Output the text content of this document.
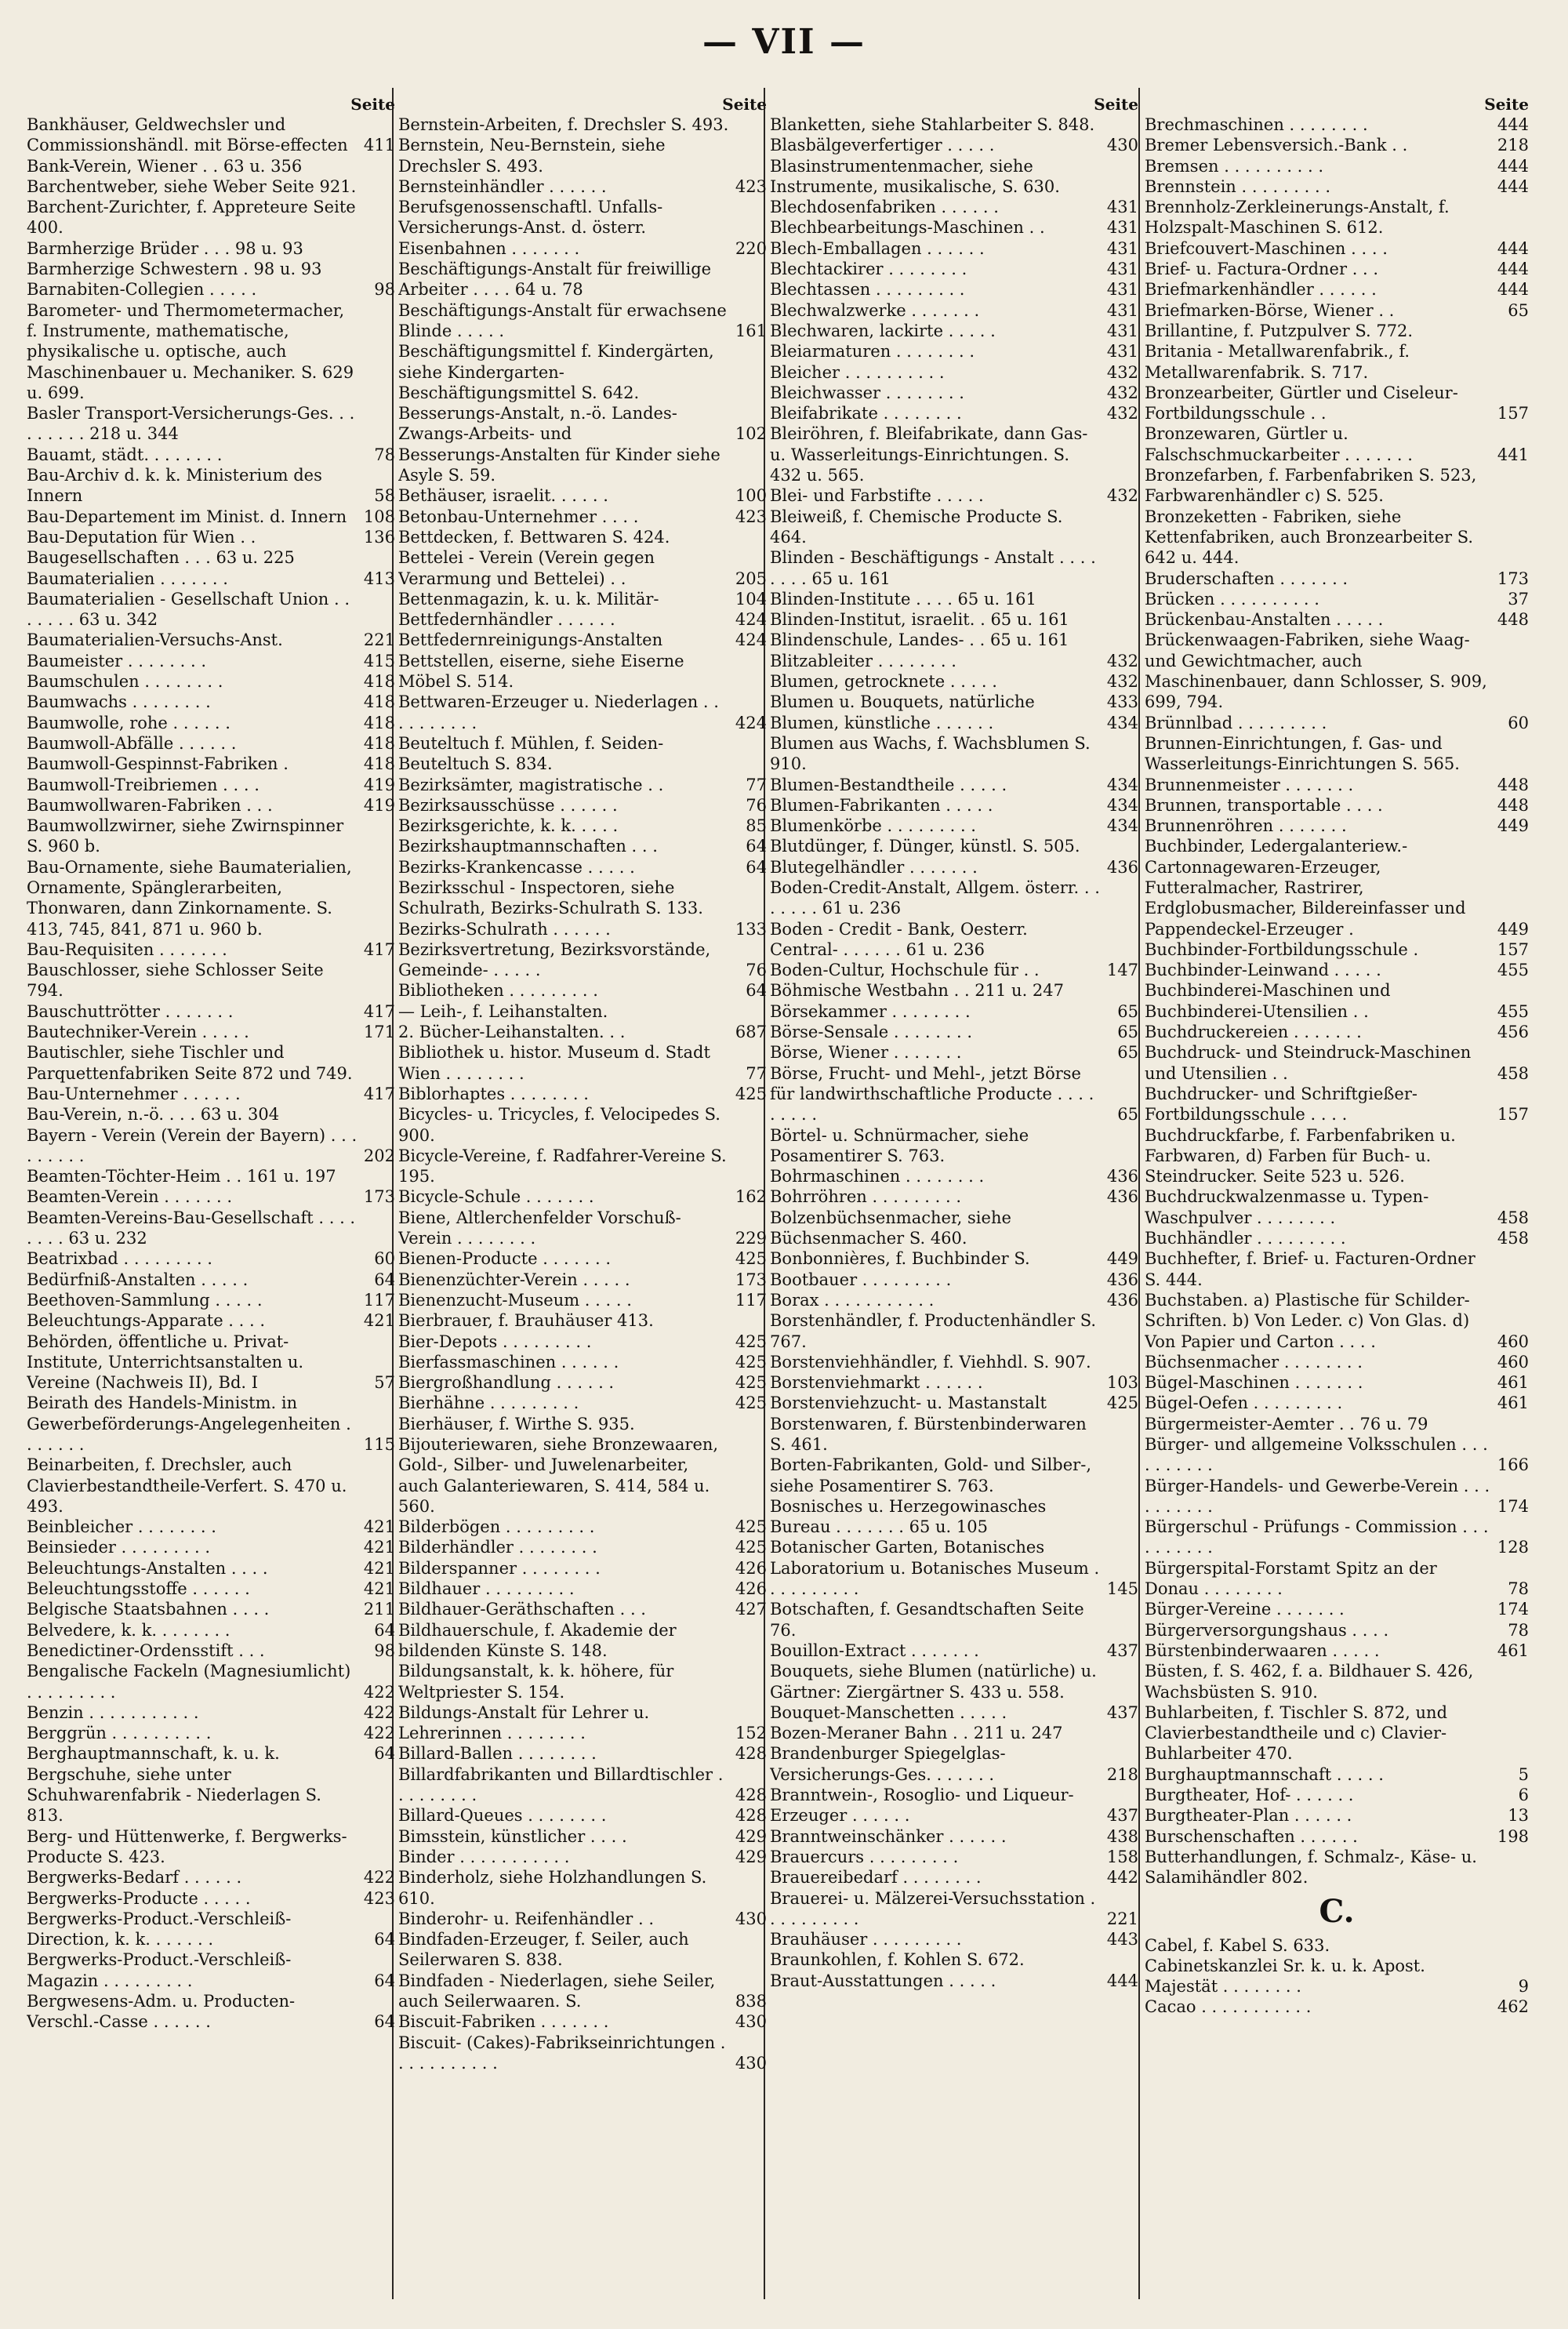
— VII —
Seite
Bankhäuser, Geldwechsler und Commissionshändl. mit Börse-effecten 411
Bank-Verein, Wiener . . 63 u. 356
Barchentweber, siehe Weber Seite 921.
Barchent-Zurichter, f. Appreteure Seite 400.
Barmherzige Brüder . . . 98 u. 93
Barmherzige Schwestern . 98 u. 93
Barnabiten-Collegien . . . . .	98
Barometer- und Thermometermacher, f. Instrumente, mathematische, physikalische u. optische, auch Maschinenbauer u. Mechaniker. S. 629 u. 699.
Basler Transport-Versicherungs-Ges. . . . . . . . . 218 u. 344
Bauamt, städt. . . . . . . .	78
Bau-Archiv d. k. k. Ministerium des Innern	58
Bau-Departement im Minist. d. Innern	108
Bau-Deputation für Wien . .	136
Baugesellschaften . . . 63 u. 225
Baumaterialien . . . . . . .	413
Baumaterialien - Gesellschaft Union . . . . . . . 63 u. 342
Baumaterialien-Versuchs-Anst.	221
Baumeister . . . . . . . .	415
Baumschulen . . . . . . . .	418
Baumwachs . . . . . . . .	418
Baumwolle, rohe . . . . . .	418
Baumwoll-Abfälle . . . . . .	418
Baumwoll-Gespinnst-Fabriken .	418
Baumwoll-Treibriemen . . . .	419
Baumwollwaren-Fabriken . . .	419
Baumwollzwirner, siehe Zwirnspinner S. 960 b.
Bau-Ornamente, siehe Baumaterialien, Ornamente, Spänglerarbeiten, Thonwaren, dann Zinkornamente. S. 413, 745, 841, 871 u. 960 b.
Bau-Requisiten . . . . . . .	417
Bauschlosser, siehe Schlosser Seite 794.
Bauschuttrötter . . . . . . .	417
Bautechniker-Verein . . . . .	171
Bautischler, siehe Tischler und Parquettenfabriken Seite 872 und 749.
Bau-Unternehmer . . . . . .	417
Bau-Verein, n.-ö. . . . 63 u. 304
Bayern - Verein (Verein der Bayern) . . . . . . . . .	202
Beamten-Töchter-Heim . . 161 u. 197
Beamten-Verein . . . . . . .	173
Beamten-Vereins-Bau-Gesellschaft . . . . . . . . 63 u. 232
Beatrixbad . . . . . . . . .	60
Bedürfniß-Anstalten . . . . .	64
Beethoven-Sammlung . . . . .	117
Beleuchtungs-Apparate . . . .	421
Behörden, öffentliche u. Privat-Institute, Unterrichtsanstalten u. Vereine (Nachweis II), Bd. I	57
Beirath des Handels-Ministm. in Gewerbeförderungs-Angelegenheiten . . . . . . .	115
Beinarbeiten, f. Drechsler, auch Clavierbestandtheile-Verfert. S. 470 u. 493.
Beinbleicher . . . . . . . .	421
Beinsieder . . . . . . . . .	421
Beleuchtungs-Anstalten . . . .	421
Beleuchtungsstoffe . . . . . .	421
Belgische Staatsbahnen . . . .	211
Belvedere, k. k. . . . . . . .	64
Benedictiner-Ordensstift . . .	98
Bengalische Fackeln (Magnesiumlicht) . . . . . . . . .	422
Benzin . . . . . . . . . . .	422
Berggrün . . . . . . . . . .	422
Berghauptmannschaft, k. u. k.	64
Bergschuhe, siehe unter Schuhwarenfabrik - Niederlagen S. 813.
Berg- und Hüttenwerke, f. Bergwerks-Producte S. 423.
Bergwerks-Bedarf . . . . . .	422
Bergwerks-Producte . . . . .	423
Bergwerks-Product.-Verschleiß-Direction, k. k. . . . . . .	64
Bergwerks-Product.-Verschleiß-Magazin . . . . . . . . .	64
Bergwesens-Adm. u. Producten-Verschl.-Casse . . . . . .	64
Seite
Bernstein-Arbeiten, f. Drechsler S. 493.
Bernstein, Neu-Bernstein, siehe Drechsler S. 493.
Bernsteinhändler . . . . . .	423
Berufsgenossenschaftl. Unfalls-Versicherungs-Anst. d. österr. Eisenbahnen . . . . . . .	220
Beschäftigungs-Anstalt für freiwillige Arbeiter . . . . 64 u. 78
Beschäftigungs-Anstalt für erwachsene Blinde . . . . .	161
Beschäftigungsmittel f. Kindergärten, siehe Kindergarten-Beschäftigungsmittel S. 642.
Besserungs-Anstalt, n.-ö. Landes-Zwangs-Arbeits- und	102
Besserungs-Anstalten für Kinder siehe Asyle S. 59.
Bethäuser, israelit. . . . . .	100
Betonbau-Unternehmer . . . .	423
Bettdecken, f. Bettwaren S. 424.
Bettelei - Verein (Verein gegen Verarmung und Bettelei) . .	205
Bettenmagazin, k. u. k. Militär-	104
Bettfedernhändler . . . . . .	424
Bettfedernreinigungs-Anstalten	424
Bettstellen, eiserne, siehe Eiserne Möbel S. 514.
Bettwaren-Erzeuger u. Niederlagen . . . . . . . . . .	424
Beuteltuch f. Mühlen, f. Seiden-Beuteltuch S. 834.
Bezirksämter, magistratische . .	77
Bezirksausschüsse . . . . . .	76
Bezirksgerichte, k. k. . . . .	85
Bezirkshauptmannschaften . . .	64
Bezirks-Krankencasse . . . . .	64
Bezirksschul - Inspectoren, siehe Schulrath, Bezirks-Schulrath S. 133.
Bezirks-Schulrath . . . . . .	133
Bezirksvertretung, Bezirksvorstände, Gemeinde- . . . . .	76
Bibliotheken . . . . . . . . .	64
— Leih-, f. Leihanstalten.
2. Bücher-Leihanstalten. . .	687
Bibliothek u. histor. Museum d. Stadt Wien . . . . . . . .	77
Biblorhaptes . . . . . . . .	425
Bicycles- u. Tricycles, f. Velocipedes S. 900.
Bicycle-Vereine, f. Radfahrer-Vereine S. 195.
Bicycle-Schule . . . . . . .	162
Biene, Altlerchenfelder Vorschuß-Verein . . . . . . . .	229
Bienen-Producte . . . . . . .	425
Bienenzüchter-Verein . . . . .	173
Bienenzucht-Museum . . . . .	117
Bierbrauer, f. Brauhäuser 413.
Bier-Depots . . . . . . . . .	425
Bierfassmaschinen . . . . . .	425
Biergroßhandlung . . . . . .	425
Bierhähne . . . . . . . . .	425
Bierhäuser, f. Wirthe S. 935.
Bijouteriewaren, siehe Bronzewaaren, Gold-, Silber- und Juwelenarbeiter, auch Galanteriewaren, S. 414, 584 u. 560.
Bilderbögen . . . . . . . . .	425
Bilderhändler . . . . . . . .	425
Bilderspanner . . . . . . . .	426
Bildhauer . . . . . . . . .	426
Bildhauer-Geräthschaften . . .	427
Bildhauerschule, f. Akademie der bildenden Künste S. 148.
Bildungsanstalt, k. k. höhere, für Weltpriester S. 154.
Bildungs-Anstalt für Lehrer u. Lehrerinnen . . . . . . . .	152
Billard-Ballen . . . . . . . .	428
Billardfabrikanten und Billardtischler . . . . . . . . .	428
Billard-Queues . . . . . . . .	428
Bimsstein, künstlicher . . . .	429
Binder . . . . . . . . . . .	429
Binderholz, siehe Holzhandlungen S. 610.
Binderohr- u. Reifenhändler . .	430
Bindfaden-Erzeuger, f. Seiler, auch Seilerwaren S. 838.
Bindfaden - Niederlagen, siehe Seiler, auch Seilerwaaren. S.	838
Biscuit-Fabriken . . . . . . .	430
Biscuit- (Cakes)-Fabrikseinrichtungen . . . . . . . . . . .	430
Seite
Blanketten, siehe Stahlarbeiter S. 848.
Blasbälgeverfertiger . . . . .	430
Blasinstrumentenmacher, siehe Instrumente, musikalische, S. 630.
Blechdosenfabriken . . . . . .	431
Blechbearbeitungs-Maschinen . .	431
Blech-Emballagen . . . . . .	431
Blechtackirer . . . . . . . .	431
Blechtassen . . . . . . . . .	431
Blechwalzwerke . . . . . . .	431
Blechwaren, lackirte . . . . .	431
Bleiarmaturen . . . . . . . .	431
Bleicher . . . . . . . . . .	432
Bleichwasser . . . . . . . .	432
Bleifabrikate . . . . . . . .	432
Bleiröhren, f. Bleifabrikate, dann Gas- u. Wasserleitungs-Einrichtungen. S. 432 u. 565.
Blei- und Farbstifte . . . . .	432
Bleiweiß, f. Chemische Producte S. 464.
Blinden - Beschäftigungs - Anstalt . . . . . . . . 65 u. 161
Blinden-Institute . . . . 65 u. 161
Blinden-Institut, israelit. . 65 u. 161
Blindenschule, Landes- . . 65 u. 161
Blitzableiter . . . . . . . .	432
Blumen, getrocknete . . . . .	432
Blumen u. Bouquets, natürliche	433
Blumen, künstliche . . . . . .	434
Blumen aus Wachs, f. Wachsblumen S. 910.
Blumen-Bestandtheile . . . . .	434
Blumen-Fabrikanten . . . . .	434
Blumenkörbe . . . . . . . . .	434
Blutdünger, f. Dünger, künstl. S. 505.
Blutegelhändler . . . . . . .	436
Boden-Credit-Anstalt, Allgem. österr. . . . . . . . 61 u. 236
Boden - Credit - Bank, Oesterr. Central- . . . . . . 61 u. 236
Boden-Cultur, Hochschule für . .	147
Böhmische Westbahn . . 211 u. 247
Börsekammer . . . . . . . .	65
Börse-Sensale . . . . . . . .	65
Börse, Wiener . . . . . . .	65
Börse, Frucht- und Mehl-, jetzt Börse für landwirthschaftliche Producte . . . . . . . . .	65
Börtel- u. Schnürmacher, siehe Posamentirer S. 763.
Bohrmaschinen . . . . . . . .	436
Bohrröhren . . . . . . . . .	436
Bolzenbüchsenmacher, siehe Büchsenmacher S. 460.
Bonbonnières, f. Buchbinder S.	449
Bootbauer . . . . . . . . .	436
Borax . . . . . . . . . . .	436
Borstenhändler, f. Productenhändler S. 767.
Borstenviehhändler, f. Viehhdl. S. 907.
Borstenviehmarkt . . . . . .	103
Borstenviehzucht- u. Mastanstalt	425
Borstenwaren, f. Bürstenbinderwaren S. 461.
Borten-Fabrikanten, Gold- und Silber-, siehe Posamentirer S. 763.
Bosnisches u. Herzegowinasches Bureau . . . . . . . 65 u. 105
Botanischer Garten, Botanisches Laboratorium u. Botanisches Museum . . . . . . . . . .	145
Botschaften, f. Gesandtschaften Seite 76.
Bouillon-Extract . . . . . . .	437
Bouquets, siehe Blumen (natürliche) u. Gärtner: Ziergärtner S. 433 u. 558.
Bouquet-Manschetten . . . . .	437
Bozen-Meraner Bahn . . 211 u. 247
Brandenburger Spiegelglas-Versicherungs-Ges. . . . . . .	218
Branntwein-, Rosoglio- und Liqueur-Erzeuger . . . . . .	437
Branntweinschänker . . . . . .	438
Brauercurs . . . . . . . . .	158
Brauereibedarf . . . . . . . .	442
Brauerei- u. Mälzerei-Versuchsstation . . . . . . . . . .	221
Brauhäuser . . . . . . . . .	443
Braunkohlen, f. Kohlen S. 672.
Braut-Ausstattungen . . . . .	444
Seite
Brechmaschinen . . . . . . . .	444
Bremer Lebensversich.-Bank . .	218
Bremsen . . . . . . . . . .	444
Brennstein . . . . . . . . .	444
Brennholz-Zerkleinerungs-Anstalt, f. Holzspalt-Maschinen S. 612.
Briefcouvert-Maschinen . . . .	444
Brief- u. Factura-Ordner . . .	444
Briefmarkenhändler . . . . . .	444
Briefmarken-Börse, Wiener . .	65
Brillantine, f. Putzpulver S. 772.
Britania - Metallwarenfabrik., f. Metallwarenfabrik. S. 717.
Bronzearbeiter, Gürtler und Ciseleur-Fortbildungsschule . .	157
Bronzewaren, Gürtler u. Falschschmuckarbeiter . . . . . . .	441
Bronzefarben, f. Farbenfabriken S. 523, Farbwarenhändler c) S. 525.
Bronzeketten - Fabriken, siehe Kettenfabriken, auch Bronzearbeiter S. 642 u. 444.
Bruderschaften . . . . . . .	173
Brücken . . . . . . . . . .	37
Brückenbau-Anstalten . . . . .	448
Brückenwaagen-Fabriken, siehe Waag- und Gewichtmacher, auch Maschinenbauer, dann Schlosser, S. 909, 699, 794.
Brünnlbad . . . . . . . . .	60
Brunnen-Einrichtungen, f. Gas- und Wasserleitungs-Einrichtungen S. 565.
Brunnenmeister . . . . . . .	448
Brunnen, transportable . . . .	448
Brunnenröhren . . . . . . .	449
Buchbinder, Ledergalanteriew.-Cartonnagewaren-Erzeuger, Futteralmacher, Rastrirer, Erdglobusmacher, Bildereinfasser und Pappendeckel-Erzeuger .	449
Buchbinder-Fortbildungsschule .	157
Buchbinder-Leinwand . . . . .	455
Buchbinderei-Maschinen und Buchbinderei-Utensilien . .	455
Buchdruckereien . . . . . . .	456
Buchdruck- und Steindruck-Maschinen und Utensilien . .	458
Buchdrucker- und Schriftgießer-Fortbildungsschule . . . .	157
Buchdruckfarbe, f. Farbenfabriken u. Farbwaren, d) Farben für Buch- u. Steindrucker. Seite 523 u. 526.
Buchdruckwalzenmasse u. Typen-Waschpulver . . . . . . . .	458
Buchhändler . . . . . . . . .	458
Buchhefter, f. Brief- u. Facturen-Ordner S. 444.
Buchstaben. a) Plastische für Schilder-Schriften. b) Von Leder. c) Von Glas. d) Von Papier und Carton . . . .	460
Büchsenmacher . . . . . . . .	460
Bügel-Maschinen . . . . . . .	461
Bügel-Oefen . . . . . . . . .	461
Bürgermeister-Aemter . . 76 u. 79
Bürger- und allgemeine Volksschulen . . . . . . . . . .	166
Bürger-Handels- und Gewerbe-Verein . . . . . . . . . .	174
Bürgerschul - Prüfungs - Commission . . . . . . . . . .	128
Bürgerspital-Forstamt Spitz an der Donau . . . . . . . .	78
Bürger-Vereine . . . . . . .	174
Bürgerversorgungshaus . . . .	78
Bürstenbinderwaaren . . . . .	461
Büsten, f. S. 462, f. a. Bildhauer S. 426, Wachsbüsten S. 910.
Buhlarbeiten, f. Tischler S. 872, und Clavierbestandtheile und c) Clavier-Buhlarbeiter 470.
Burghauptmannschaft . . . . .	5
Burgtheater, Hof- . . . . . .	6
Burgtheater-Plan . . . . . .	13
Burschenschaften . . . . . .	198
Butterhandlungen, f. Schmalz-, Käse- u. Salamihändler 802.
C.
Cabel, f. Kabel S. 633.
Cabinetskanzlei Sr. k. u. k. Apost. Majestät . . . . . . . .	9
Cacao . . . . . . . . . . .	462
